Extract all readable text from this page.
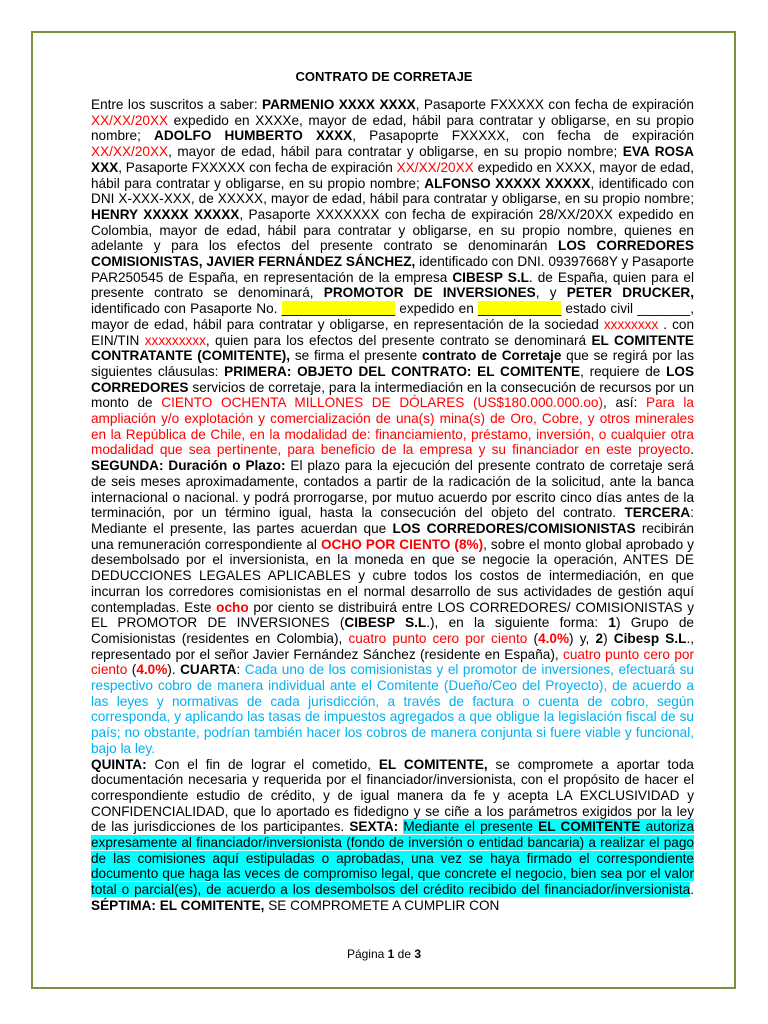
CONTRATO DE CORRETAJE

Entre los suscritos a saber: PARMENIO XXXX XXXX, Pasaporte FXXXXX con fecha de expiración XX/XX/20XX expedido en XXXXe, mayor de edad, hábil para contratar y obligarse, en su propio nombre; ADOLFO HUMBERTO XXXX, Pasapoprte FXXXXX, con fecha de expiración XX/XX/20XX, mayor de edad, hábil para contratar y obligarse, en su propio nombre; EVA ROSA XXX, Pasaporte FXXXXX con fecha de expiración XX/XX/20XX expedido en XXXX, mayor de edad, hábil para contratar y obligarse, en su propio nombre; ALFONSO XXXXX XXXXX, identificado con DNI X-XXX-XXX, de XXXXX, mayor de edad, hábil para contratar y obligarse, en su propio nombre; HENRY XXXXX XXXXX, Pasaporte XXXXXXX con fecha de expiración 28/XX/20XX expedido en Colombia, mayor de edad, hábil para contratar y obligarse, en su propio nombre, quienes en adelante y para los efectos del presente contrato se denominarán LOS CORREDORES COMISIONISTAS, JAVIER FERNÁNDEZ SÁNCHEZ, identificado con DNI. 09397668Y y Pasaporte PAR250545 de España, en representación de la empresa CIBESP S.L. de España, quien para el presente contrato se denominará, PROMOTOR DE INVERSIONES, y PETER DRUCKER, identificado con Pasaporte No. _______________ expedido en ___________ estado civil _______, mayor de edad, hábil para contratar y obligarse, en representación de la sociedad xxxxxxxx . con EIN/TIN xxxxxxxxx, quien para los efectos del presente contrato se denominará EL COMITENTE CONTRATANTE (COMITENTE), se firma el presente contrato de Corretaje que se regirá por las siguientes cláusulas: PRIMERA: OBJETO DEL CONTRATO: EL COMITENTE, requiere de LOS CORREDORES servicios de corretaje, para la intermediación en la consecución de recursos por un monto de CIENTO OCHENTA MILLONES DE DÓLARES (US$180.000.000.oo), así: Para la ampliación y/o explotación y comercialización de una(s) mina(s) de Oro, Cobre, y otros minerales en la República de Chile, en la modalidad de: financiamiento, préstamo, inversión, o cualquier otra modalidad que sea pertinente, para beneficio de la empresa y su financiador en este proyecto. SEGUNDA: Duración o Plazo: El plazo para la ejecución del presente contrato de corretaje será de seis meses aproximadamente, contados a partir de la radicación de la solicitud, ante la banca internacional o nacional. y podrá prorrogarse, por mutuo acuerdo por escrito cinco días antes de la terminación, por un término igual, hasta la consecución del objeto del contrato. TERCERA: Mediante el presente, las partes acuerdan que LOS CORREDORES/COMISIONISTAS recibirán una remuneración correspondiente al OCHO POR CIENTO (8%), sobre el monto global aprobado y desembolsado por el inversionista, en la moneda en que se negocie la operación, ANTES DE DEDUCCIONES LEGALES APLICABLES y cubre todos los costos de intermediación, en que incurran los corredores comisionistas en el normal desarrollo de sus actividades de gestión aquí contempladas. Este ocho por ciento se distribuirá entre LOS CORREDORES/ COMISIONISTAS y EL PROMOTOR DE INVERSIONES (CIBESP S.L.), en la siguiente forma: 1) Grupo de Comisionistas (residentes en Colombia), cuatro punto cero por ciento (4.0%) y, 2) Cibesp S.L., representado por el señor Javier Fernández Sánchez (residente en España), cuatro punto cero por ciento (4.0%). CUARTA: Cada uno de los comisionistas y el promotor de inversiones, efectuará su respectivo cobro de manera individual ante el Comitente (Dueño/Ceo del Proyecto), de acuerdo a las leyes y normativas de cada jurisdicción, a través de factura o cuenta de cobro, según corresponda, y aplicando las tasas de impuestos agregados a que obligue la legislación fiscal de su país; no obstante, podrían también hacer los cobros de manera conjunta si fuere viable y funcional, bajo la ley.

QUINTA: Con el fin de lograr el cometido, EL COMITENTE, se compromete a aportar toda documentación necesaria y requerida por el financiador/inversionista, con el propósito de hacer el correspondiente estudio de crédito, y de igual manera da fe y acepta LA EXCLUSIVIDAD y CONFIDENCIALIDAD, que lo aportado es fidedigno y se ciñe a los parámetros exigidos por la ley de las jurisdicciones de los participantes. SEXTA: Mediante el presente EL COMITENTE autoriza expresamente al financiador/inversionista (fondo de inversión o entidad bancaria) a realizar el pago de las comisiones aquí estipuladas o aprobadas, una vez se haya firmado el correspondiente documento que haga las veces de compromiso legal, que concrete el negocio, bien sea por el valor total o parcial(es), de acuerdo a los desembolsos del crédito recibido del financiador/inversionista. SÉPTIMA: EL COMITENTE, SE COMPROMETE A CUMPLIR CON

Página 1 de 3
